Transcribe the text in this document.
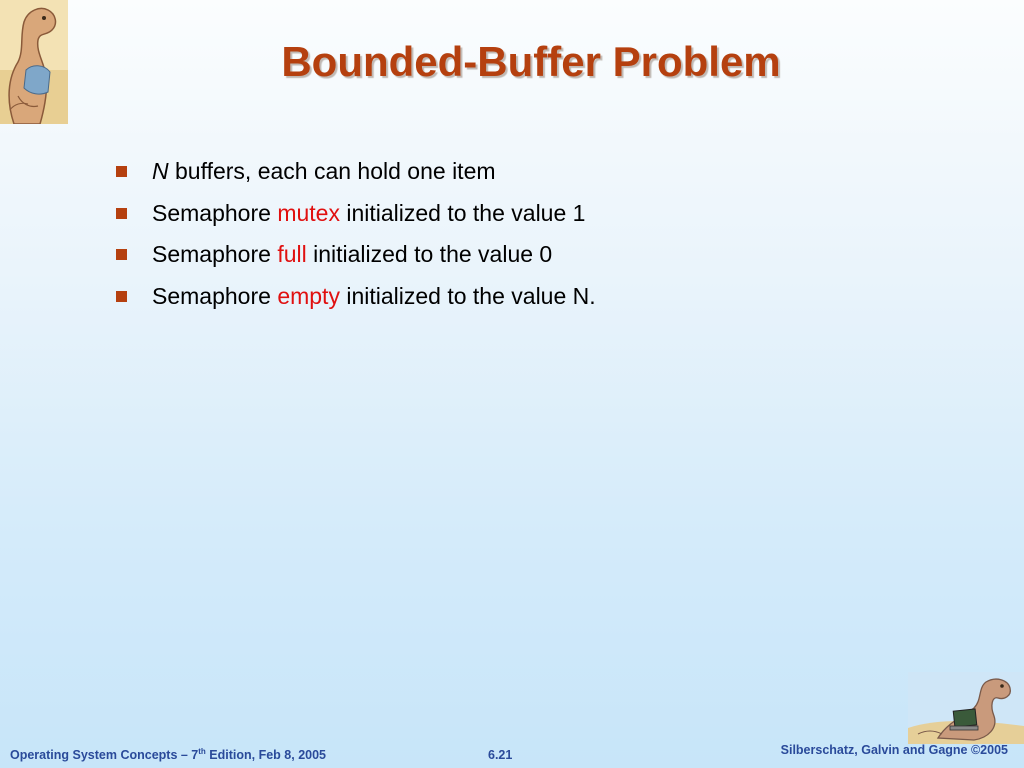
Bounded-Buffer Problem
N buffers, each can hold one item
Semaphore mutex initialized to the value 1
Semaphore full initialized to the value 0
Semaphore empty initialized to the value N.
Operating System Concepts – 7th Edition, Feb 8, 2005	6.21	Silberschatz, Galvin and Gagne ©2005
